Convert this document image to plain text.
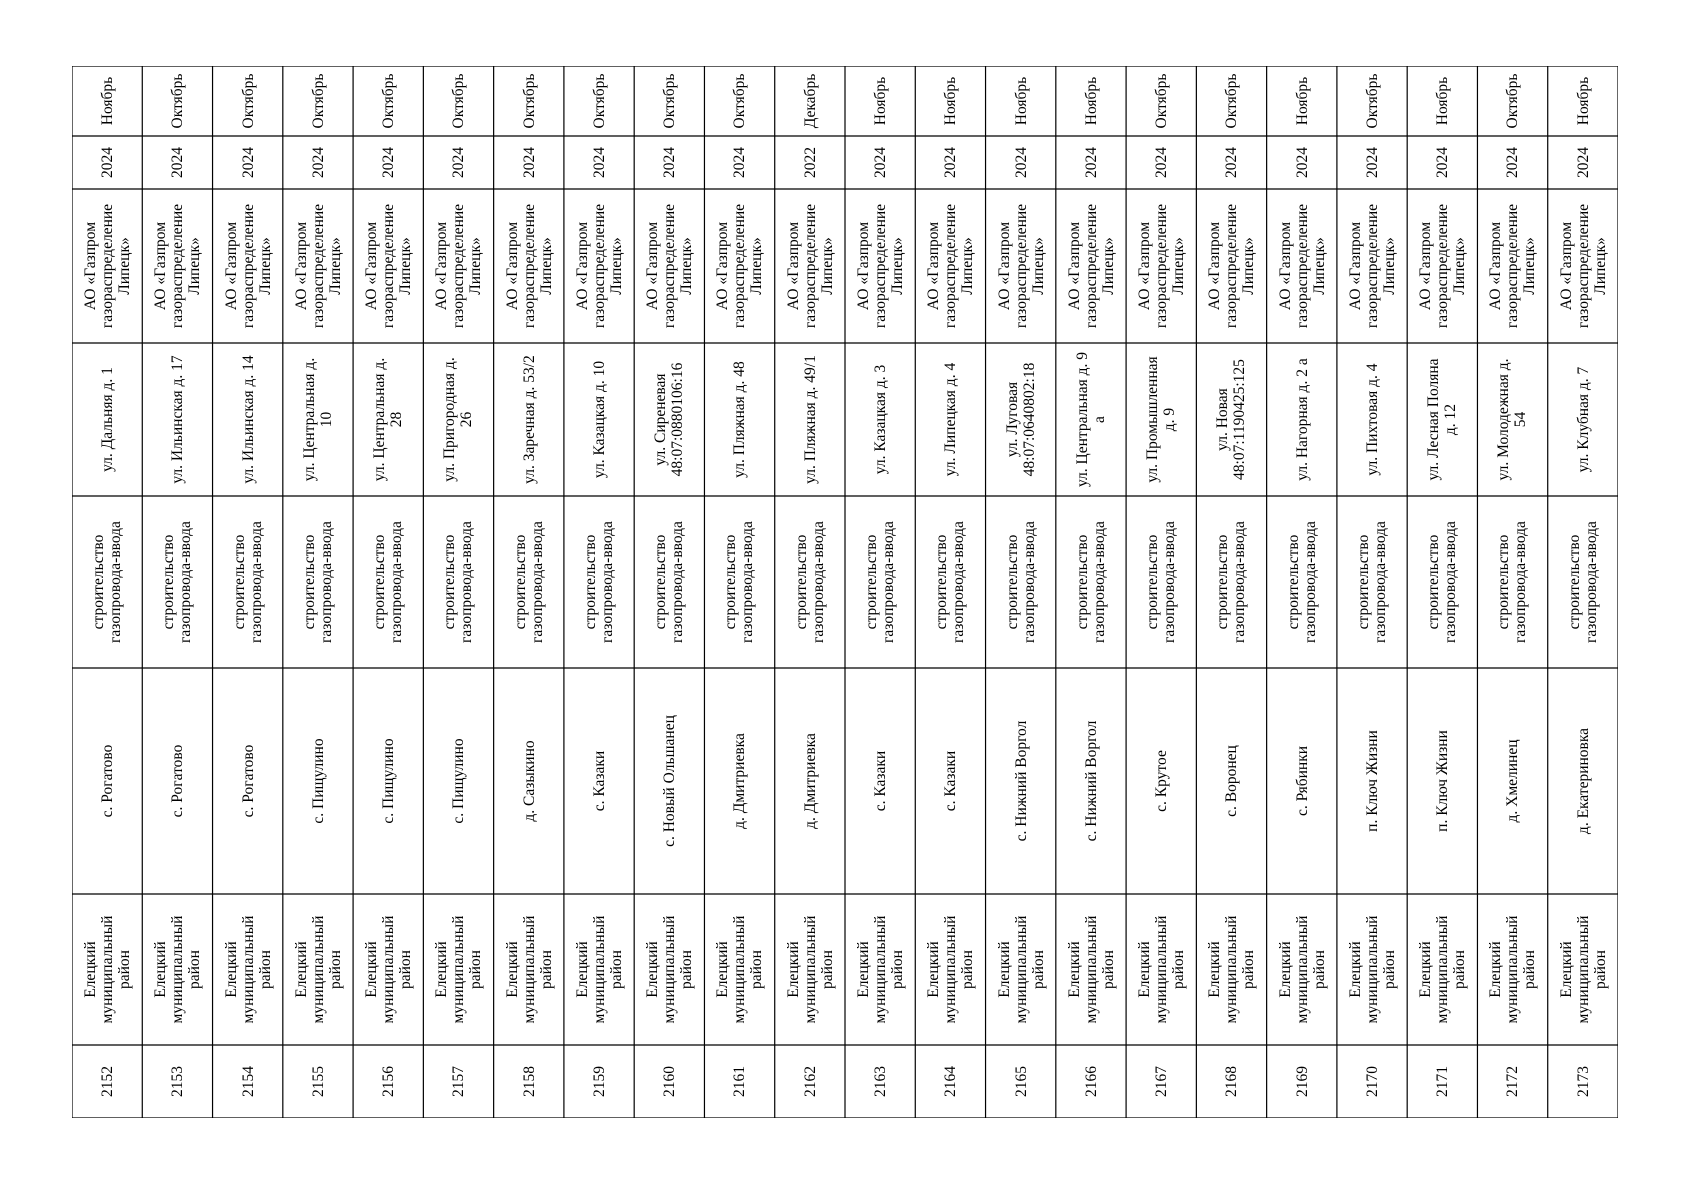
2152
Елецкий
муниципальный
район
с. Рогатово
строительство
газопровода-ввода
ул. Дальняя д. 1
АО «Газпром
газораспределение
Липецк»
2024
Ноябрь
2153
Елецкий
муниципальный
район
с. Рогатово
строительство
газопровода-ввода
ул. Ильинская д. 17
АО «Газпром
газораспределение
Липецк»
2024
Октябрь
2154
Елецкий
муниципальный
район
с. Рогатово
строительство
газопровода-ввода
ул. Ильинская д. 14
АО «Газпром
газораспределение
Липецк»
2024
Октябрь
2155
Елецкий
муниципальный
район
с. Пищулино
строительство
газопровода-ввода
ул. Центральная д.
10
АО «Газпром
газораспределение
Липецк»
2024
Октябрь
2156
Елецкий
муниципальный
район
с. Пищулино
строительство
газопровода-ввода
ул. Центральная д.
28
АО «Газпром
газораспределение
Липецк»
2024
Октябрь
2157
Елецкий
муниципальный
район
с. Пищулино
строительство
газопровода-ввода
ул. Пригородная д.
26
АО «Газпром
газораспределение
Липецк»
2024
Октябрь
2158
Елецкий
муниципальный
район
д. Сазыкино
строительство
газопровода-ввода
ул. Заречная д. 53/2
АО «Газпром
газораспределение
Липецк»
2024
Октябрь
2159
Елецкий
муниципальный
район
с. Казаки
строительство
газопровода-ввода
ул. Казацкая д. 10
АО «Газпром
газораспределение
Липецк»
2024
Октябрь
2160
Елецкий
муниципальный
район
с. Новый Ольшанец
строительство
газопровода-ввода
ул. Сиреневая
48:07:0880106:16
АО «Газпром
газораспределение
Липецк»
2024
Октябрь
2161
Елецкий
муниципальный
район
д. Дмитриевка
строительство
газопровода-ввода
ул. Пляжная д. 48
АО «Газпром
газораспределение
Липецк»
2024
Октябрь
2162
Елецкий
муниципальный
район
д. Дмитриевка
строительство
газопровода-ввода
ул. Пляжная д. 49/1
АО «Газпром
газораспределение
Липецк»
2022
Декабрь
2163
Елецкий
муниципальный
район
с. Казаки
строительство
газопровода-ввода
ул. Казацкая д. 3
АО «Газпром
газораспределение
Липецк»
2024
Ноябрь
2164
Елецкий
муниципальный
район
с. Казаки
строительство
газопровода-ввода
ул. Липецкая д. 4
АО «Газпром
газораспределение
Липецк»
2024
Ноябрь
2165
Елецкий
муниципальный
район
с. Нижний Воргол
строительство
газопровода-ввода
ул. Луговая
48:07:0640802:18
АО «Газпром
газораспределение
Липецк»
2024
Ноябрь
2166
Елецкий
муниципальный
район
с. Нижний Воргол
строительство
газопровода-ввода
ул. Центральная д. 9
а
АО «Газпром
газораспределение
Липецк»
2024
Ноябрь
2167
Елецкий
муниципальный
район
с. Крутое
строительство
газопровода-ввода
ул. Промышленная
д. 9
АО «Газпром
газораспределение
Липецк»
2024
Октябрь
2168
Елецкий
муниципальный
район
с. Воронец
строительство
газопровода-ввода
ул. Новая
48:07:1190425:125
АО «Газпром
газораспределение
Липецк»
2024
Октябрь
2169
Елецкий
муниципальный
район
с. Рябинки
строительство
газопровода-ввода
ул. Нагорная д. 2 а
АО «Газпром
газораспределение
Липецк»
2024
Ноябрь
2170
Елецкий
муниципальный
район
п. Ключ Жизни
строительство
газопровода-ввода
ул. Пихтовая д. 4
АО «Газпром
газораспределение
Липецк»
2024
Октябрь
2171
Елецкий
муниципальный
район
п. Ключ Жизни
строительство
газопровода-ввода
ул. Лесная Поляна
д. 12
АО «Газпром
газораспределение
Липецк»
2024
Ноябрь
2172
Елецкий
муниципальный
район
д. Хмелинец
строительство
газопровода-ввода
ул. Молодежная д.
54
АО «Газпром
газораспределение
Липецк»
2024
Октябрь
2173
Елецкий
муниципальный
район
д. Екатериновка
строительство
газопровода-ввода
ул. Клубная д. 7
АО «Газпром
газораспределение
Липецк»
2024
Ноябрь
